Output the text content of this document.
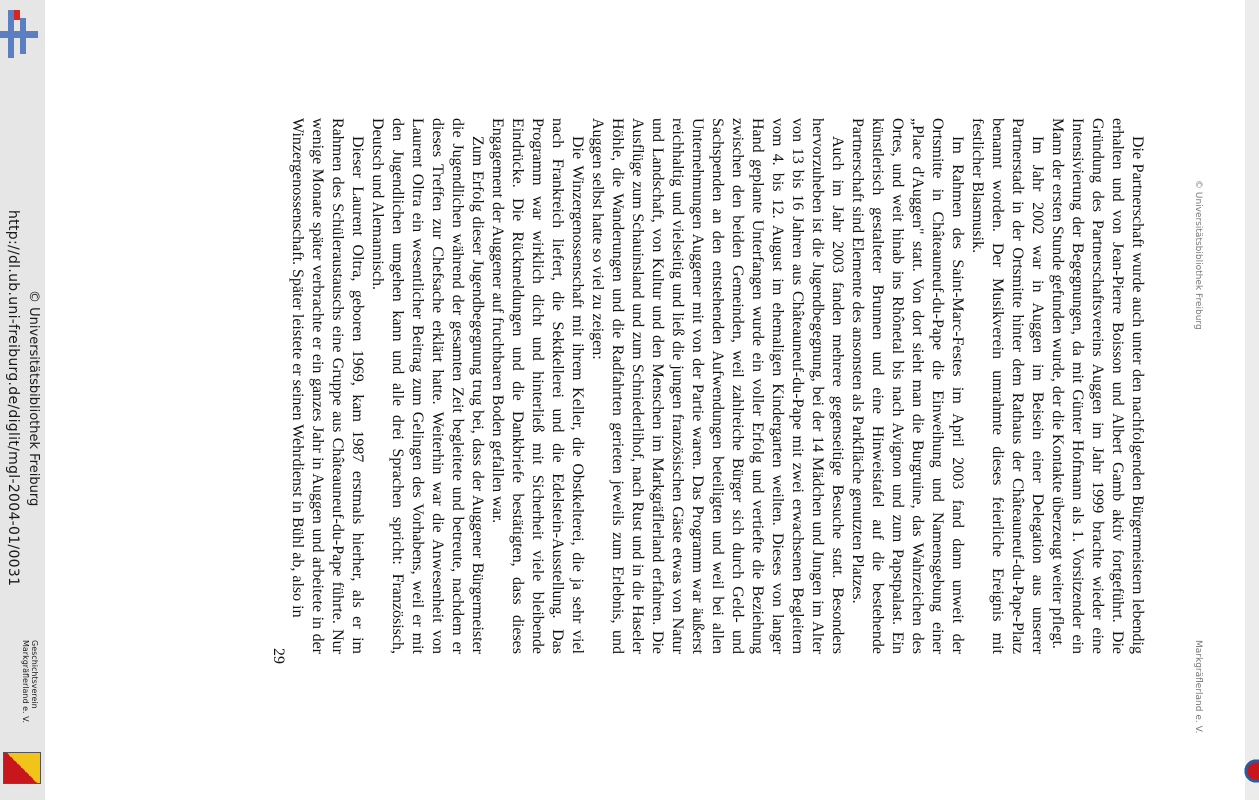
© Universitätsbibliothek Freiburg
http://dl.ub.uni-freiburg.de/diglit/mgl-2004-01/0031
Geschichtsverein
Markgräflerland e. V.
© Universitätsbibliothek Freiburg
Markgräflerland e. V.

Die Partnerschaft wurde auch unter den nachfolgenden Bürgermeistern lebendig erhalten und von Jean-Pierre Boisson und Albert Gamb aktiv fortgeführt. Die Gründung des Partnerschaftsvereins Auggen im Jahr 1999 brachte wieder eine Intensivierung der Begegnungen, da mit Günter Hofmann als 1. Vorsitzender ein Mann der ersten Stunde gefunden wurde, der die Kontakte überzeugt weiter pflegt.

Im Jahr 2002 war in Auggen im Beisein einer Delegation aus unserer Partnerstadt in der Ortsmitte hinter dem Rathaus der Châteauneuf-du-Pape-Platz benannt worden. Der Musikverein umrahmte dieses feierliche Ereignis mit festlicher Blasmusik.

Im Rahmen des Saint-Marc-Festes im April 2003 fand dann unweit der Ortsmitte in Châteauneuf-du-Pape die Einweihung und Namensgebung einer „Place d'Auggen" statt. Von dort sieht man die Burgruine, das Wahrzeichen des Ortes, und weit hinab ins Rhônetal bis nach Avignon und zum Papstpalast. Ein künstlerisch gestalteter Brunnen und eine Hinweistafel auf die bestehende Partnerschaft sind Elemente des ansonsten als Parkfläche genutzten Platzes.

Auch im Jahr 2003 fanden mehrere gegenseitige Besuche statt. Besonders hervorzuheben ist die Jugendbegegnung, bei der 14 Mädchen und Jungen im Alter von 13 bis 16 Jahren aus Châteauneuf-du-Pape mit zwei erwachsenen Begleitern vom 4. bis 12. August im ehemaligen Kindergarten weilten. Dieses von langer Hand geplante Unterfangen wurde ein voller Erfolg und vertiefte die Beziehung zwischen den beiden Gemeinden, weil zahlreiche Bürger sich durch Geld- und Sachspenden an den entstehenden Aufwendungen beteiligten und weil bei allen Unternehmungen Auggener mit von der Partie waren. Das Programm war äußerst reichhaltig und vielseitig und ließ die jungen französischen Gäste etwas von Natur und Landschaft, von Kultur und den Menschen im Markgräflerland erfahren. Die Ausflüge zum Schauinsland und zum Schniederlihof, nach Rust und in die Haseler Höhle, die Wanderungen und die Radfahrten gerieten jeweils zum Erlebnis, und Auggen selbst hatte so viel zu zeigen:

Die Winzergenossenschaft mit ihrem Keller, die Obstkelterei, die ja sehr viel nach Frankreich liefert, die Sektkellerei und die Edelstein-Ausstellung. Das Programm war wirklich dicht und hinterließ mit Sicherheit viele bleibende Eindrücke. Die Rückmeldungen und die Dankbriefe bestätigten, dass dieses Engagement der Auggener auf fruchtbaren Boden gefallen war.

Zum Erfolg dieser Jugendbegegnung trug bei, dass der Auggener Bürgermeister die Jugendlichen während der gesamten Zeit begleitete und betreute, nachdem er dieses Treffen zur Chefsache erklärt hatte. Weiterhin war die Anwesenheit von Laurent Oltra ein wesentlicher Beitrag zum Gelingen des Vorhabens, weil er mit den Jugendlichen umgehen kann und alle drei Sprachen spricht: Französisch, Deutsch und Alemannisch.

Dieser Laurent Oltra, geboren 1969, kam 1987 erstmals hierher, als er im Rahmen des Schüleraustauschs eine Gruppe aus Châteauneuf-du-Pape führte. Nur wenige Monate später verbrachte er ein ganzes Jahr in Auggen und arbeitete in der Winzergenossenschaft. Später leistete er seinen Wehrdienst in Bühl ab, also in

29
